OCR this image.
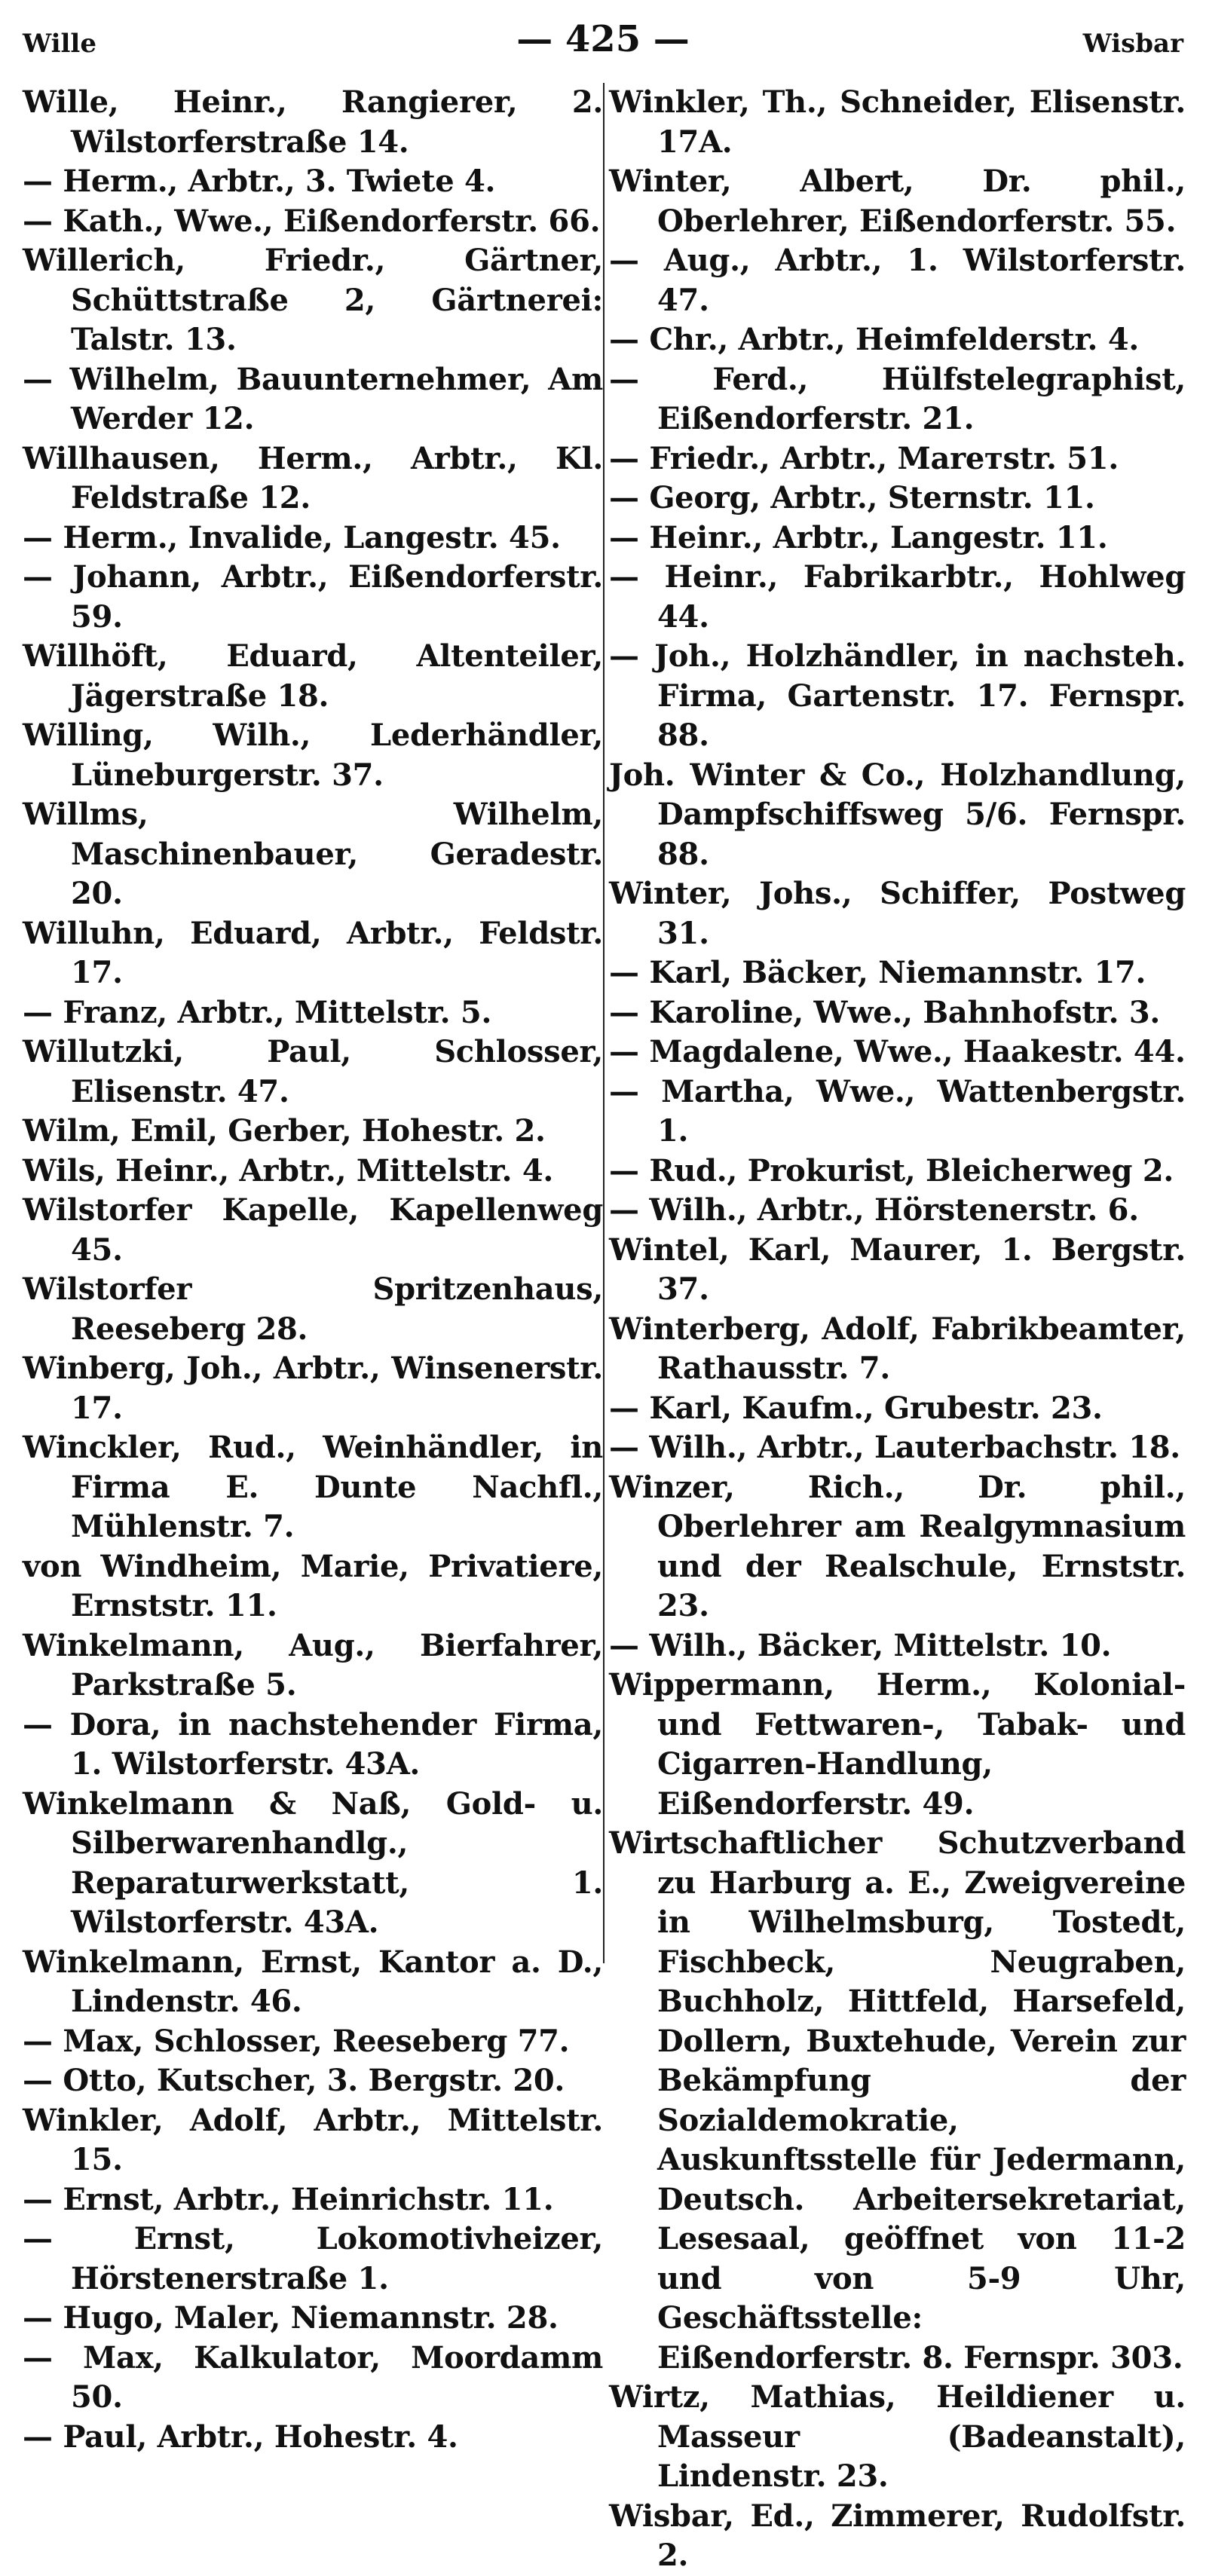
Wille	— 425 —	Wisbar

Wille, Heinr., Rangierer, 2. Wilstorferstraße 14.

— Herm., Arbtr., 3. Twiete 4.

— Kath., Wwe., Eißendorferstr. 66.

Willerich, Friedr., Gärtner, Schüttstraße 2, Gärtnerei: Talstr. 13.

— Wilhelm, Bauunternehmer, Am Werder 12.

Willhausen, Herm., Arbtr., Kl. Feldstraße 12.

— Herm., Invalide, Langestr. 45.

— Johann, Arbtr., Eißendorferstr. 59.

Willhöft, Eduard, Altenteiler, Jägerstraße 18.

Willing, Wilh., Lederhändler, Lüneburgerstr. 37.

Willms, Wilhelm, Maschinenbauer, Geradestr. 20.

Willuhn, Eduard, Arbtr., Feldstr. 17.

— Franz, Arbtr., Mittelstr. 5.

Willutzki, Paul, Schlosser, Elisenstr. 47.

Wilm, Emil, Gerber, Hohestr. 2.

Wils, Heinr., Arbtr., Mittelstr. 4.

Wilstorfer Kapelle, Kapellenweg 45.

Wilstorfer Spritzenhaus, Reeseberg 28.

Winberg, Joh., Arbtr., Winsenerstr. 17.

Winckler, Rud., Weinhändler, in Firma E. Dunte Nachfl., Mühlenstr. 7.

von Windheim, Marie, Privatiere, Ernststr. 11.

Winkelmann, Aug., Bierfahrer, Parkstraße 5.

— Dora, in nachstehender Firma, 1. Wilstorferstr. 43A.

Winkelmann & Naß, Gold- u. Silberwarenhandlg., Reparaturwerkstatt, 1. Wilstorferstr. 43A.

Winkelmann, Ernst, Kantor a. D., Lindenstr. 46.

— Max, Schlosser, Reeseberg 77.

— Otto, Kutscher, 3. Bergstr. 20.

Winkler, Adolf, Arbtr., Mittelstr. 15.

— Ernst, Arbtr., Heinrichstr. 11.

— Ernst, Lokomotivheizer, Hörstenerstraße 1.

— Hugo, Maler, Niemannstr. 28.

— Max, Kalkulator, Moordamm 50.

— Paul, Arbtr., Hohestr. 4.

Winkler, Th., Schneider, Elisenstr. 17A.

Winter, Albert, Dr. phil., Oberlehrer, Eißendorferstr. 55.

— Aug., Arbtr., 1. Wilstorferstr. 47.

— Chr., Arbtr., Heimfelderstr. 4.

— Ferd., Hülfstelegraphist, Eißendorferstr. 21.

— Friedr., Arbtr., Marетstr. 51.

— Georg, Arbtr., Sternstr. 11.

— Heinr., Arbtr., Langestr. 11.

— Heinr., Fabrikarbtr., Hohlweg 44.

— Joh., Holzhändler, in nachsteh. Firma, Gartenstr. 17. Fernspr. 88.

Joh. Winter & Co., Holzhandlung, Dampfschiffsweg 5/6. Fernspr. 88.

Winter, Johs., Schiffer, Postweg 31.

— Karl, Bäcker, Niemannstr. 17.

— Karoline, Wwe., Bahnhofstr. 3.

— Magdalene, Wwe., Haakestr. 44.

— Martha, Wwe., Wattenbergstr. 1.

— Rud., Prokurist, Bleicherweg 2.

— Wilh., Arbtr., Hörstenerstr. 6.

Wintel, Karl, Maurer, 1. Bergstr. 37.

Winterberg, Adolf, Fabrikbeamter, Rathausstr. 7.

— Karl, Kaufm., Grubestr. 23.

— Wilh., Arbtr., Lauterbachstr. 18.

Winzer, Rich., Dr. phil., Oberlehrer am Realgymnasium und der Realschule, Ernststr. 23.

— Wilh., Bäcker, Mittelstr. 10.

Wippermann, Herm., Kolonial- und Fettwaren-, Tabak- und Cigarren-Handlung, Eißendorferstr. 49.

Wirtschaftlicher Schutzverband zu Harburg a. E., Zweigvereine in Wilhelmsburg, Tostedt, Fischbeck, Neugraben, Buchholz, Hittfeld, Harsefeld, Dollern, Buxtehude, Verein zur Bekämpfung der Sozialdemokratie, Auskunftsstelle für Jedermann, Deutsch. Arbeitersekretariat, Lesesaal, geöffnet von 11-2 und von 5-9 Uhr, Geschäftsstelle: Eißendorferstr. 8. Fernspr. 303.

Wirtz, Mathias, Heildiener u. Masseur (Badeanstalt), Lindenstr. 23.

Wisbar, Ed., Zimmerer, Rudolfstr. 2.
